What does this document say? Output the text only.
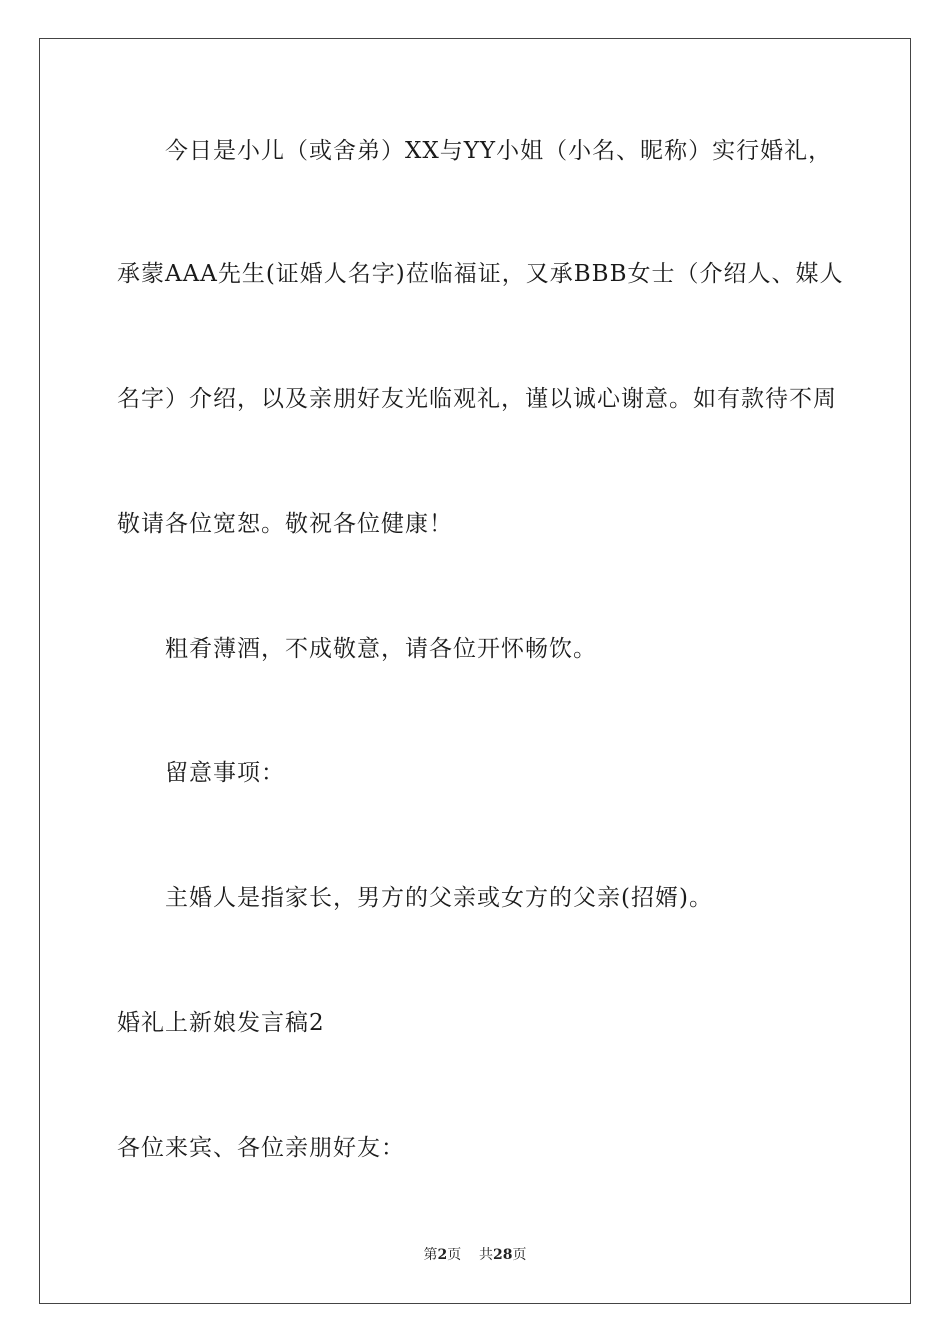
今日是小儿（或舍弟）XX与YY小姐（小名、昵称）实行婚礼，
承蒙AAA先生(证婚人名字)莅临福证，又承BBB女士（介绍人、媒人
名字）介绍，以及亲朋好友光临观礼，谨以诚心谢意。如有款待不周
敬请各位宽恕。敬祝各位健康！
粗肴薄酒，不成敬意，请各位开怀畅饮。
留意事项：
主婚人是指家长，男方的父亲或女方的父亲(招婿)。
婚礼上新娘发言稿2
各位来宾、各位亲朋好友：
第2页 共28页
